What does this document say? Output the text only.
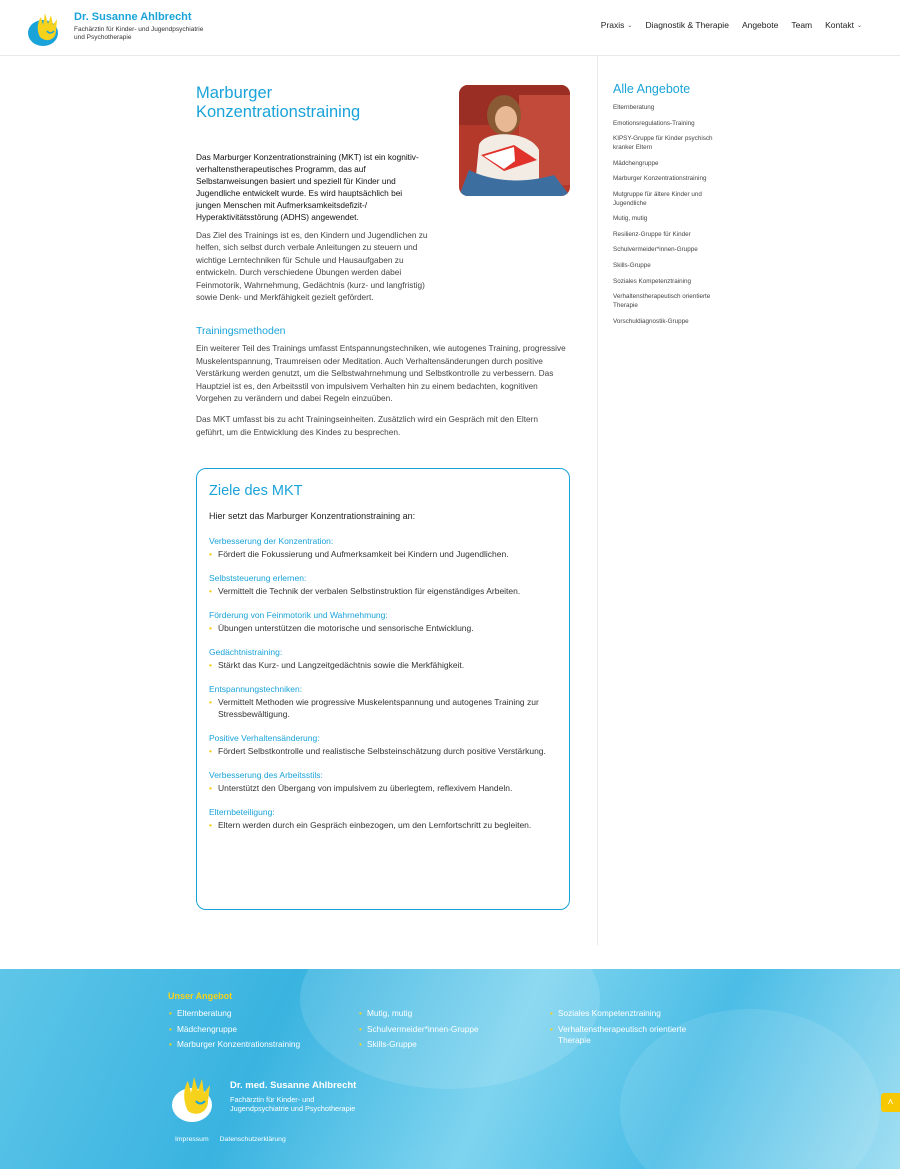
Dr. Susanne Ahlbrecht
Fachärztin für Kinder- und Jugendpsychiatrie und Psychotherapie
Praxis ⌄ Diagnostik & Therapie Angebote Team Kontakt ⌄
Marburger Konzentrationstraining
Das Marburger Konzentrationstraining (MKT) ist ein kognitiv-verhaltenstherapeutisches Programm, das auf Selbstanweisungen basiert und speziell für Kinder und Jugendliche entwickelt wurde. Es wird hauptsächlich bei jungen Menschen mit Aufmerksamkeitsdefizit-/ Hyperaktivitätsstörung (ADHS) angewendet.
Das Ziel des Trainings ist es, den Kindern und Jugendlichen zu helfen, sich selbst durch verbale Anleitungen zu steuern und wichtige Lerntechniken für Schule und Hausaufgaben zu entwickeln. Durch verschiedene Übungen werden dabei Feinmotorik, Wahrnehmung, Gedächtnis (kurz- und langfristig) sowie Denk- und Merkfähigkeit gezielt gefördert.
Trainingsmethoden
Ein weiterer Teil des Trainings umfasst Entspannungstechniken, wie autogenes Training, progressive Muskelentspannung, Traumreisen oder Meditation. Auch Verhaltensänderungen durch positive Verstärkung werden genutzt, um die Selbstwahrnehmung und Selbstkontrolle zu verbessern. Das Hauptziel ist es, den Arbeitsstil von impulsivem Verhalten hin zu einem bedachten, kognitiven Vorgehen zu verändern und dabei Regeln einzuüben.
Das MKT umfasst bis zu acht Trainingseinheiten. Zusätzlich wird ein Gespräch mit den Eltern geführt, um die Entwicklung des Kindes zu besprechen.
Ziele des MKT
Hier setzt das Marburger Konzentrationstraining an:
Verbesserung der Konzentration:
• Fördert die Fokussierung und Aufmerksamkeit bei Kindern und Jugendlichen.
Selbststeuerung erlernen:
• Vermittelt die Technik der verbalen Selbstinstruktion für eigenständiges Arbeiten.
Förderung von Feinmotorik und Wahrnehmung:
• Übungen unterstützen die motorische und sensorische Entwicklung.
Gedächtnistraining:
• Stärkt das Kurz- und Langzeitgedächtnis sowie die Merkfähigkeit.
Entspannungstechniken:
• Vermittelt Methoden wie progressive Muskelentspannung und autogenes Training zur Stressbewältigung.
Positive Verhaltensänderung:
• Fördert Selbstkontrolle und realistische Selbsteinschätzung durch positive Verstärkung.
Verbesserung des Arbeitsstils:
• Unterstützt den Übergang von impulsivem zu überlegtem, reflexivem Handeln.
Elternbeteiligung:
• Eltern werden durch ein Gespräch einbezogen, um den Lernfortschritt zu begleiten.
Alle Angebote
Elternberatung
Emotionsregulations-Training
KIPSY-Gruppe für Kinder psychisch kranker Eltern
Mädchengruppe
Marburger Konzentrationstraining
Mutgruppe für ältere Kinder und Jugendliche
Mutig, mutig
Resilienz-Gruppe für Kinder
Schulvermeider*innen-Gruppe
Skills-Gruppe
Soziales Kompetenztraining
Verhaltenstherapeutisch orientierte Therapie
Vorschuldiagnostik-Gruppe
Unser Angebot
• Elternberatung
• Mädchengruppe
• Marburger Konzentrationstraining
• Mutig, mutig
• Schulvermeider*innen-Gruppe
• Skills-Gruppe
• Soziales Kompetenztraining
• Verhaltenstherapeutisch orientierte Therapie
Dr. med. Susanne Ahlbrecht
Fachärztin für Kinder- und Jugendpsychiatrie und Psychotherapie
Impressum Datenschutzerklärung
˄
